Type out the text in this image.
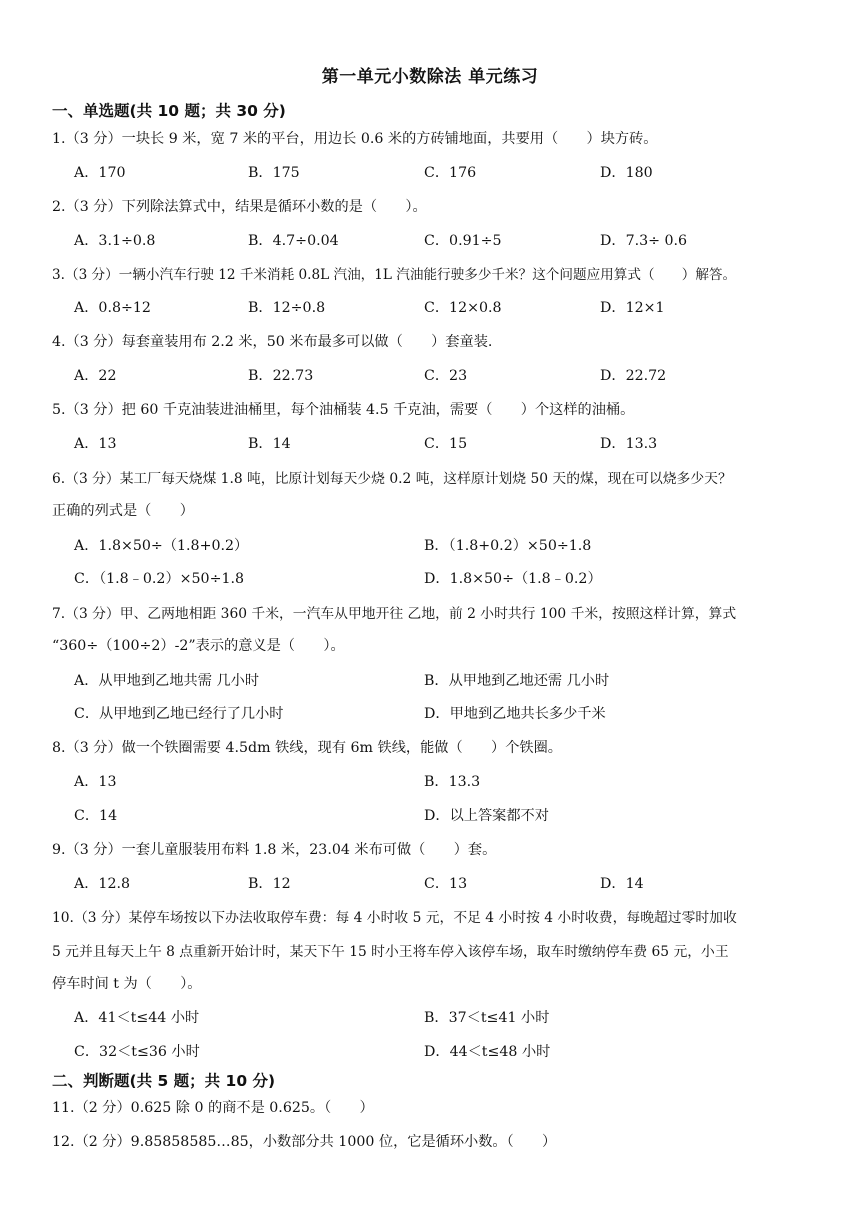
第一单元小数除法 单元练习
一、单选题(共 10 题；共 30 分)
1.（3 分）一块长 9 米，宽 7 米的平台，用边长 0.6 米的方砖铺地面，共要用（　　）块方砖。
A．170	B．175	C．176	D．180
2.（3 分）下列除法算式中，结果是循环小数的是（　　）。
A．3.1÷0.8	B．4.7÷0.04	C．0.91÷5	D．7.3÷ 0.6
3.（3 分）一辆小汽车行驶 12 千米消耗 0.8L 汽油，1L 汽油能行驶多少千米？这个问题应用算式（　　）解答。
A．0.8÷12	B．12÷0.8	C．12×0.8	D．12×1
4.（3 分）每套童装用布 2.2 米，50 米布最多可以做（　　）套童装.
A．22	B．22.73	C．23	D．22.72
5.（3 分）把 60 千克油装进油桶里，每个油桶装 4.5 千克油，需要（　　）个这样的油桶。
A．13	B．14	C．15	D．13.3
6.（3 分）某工厂每天烧煤 1.8 吨，比原计划每天少烧 0.2 吨，这样原计划烧 50 天的煤，现在可以烧多少天？
正确的列式是（　　）
A．1.8×50÷（1.8+0.2）	B．（1.8+0.2）×50÷1.8
C．（1.8﹣0.2）×50÷1.8	D．1.8×50÷（1.8﹣0.2）
7.（3 分）甲、乙两地相距 360 千米，一汽车从甲地开往 乙地，前 2 小时共行 100 千米，按照这样计算，算式
“360÷（100÷2）-2”表示的意义是（　　）。
A．从甲地到乙地共需 几小时	B．从甲地到乙地还需 几小时
C．从甲地到乙地已经行了几小时	D．甲地到乙地共长多少千米
8.（3 分）做一个铁圈需要 4.5dm 铁线，现有 6m 铁线，能做（　　）个铁圈。
A．13	B．13.3
C．14	D．以上答案都不对
9.（3 分）一套儿童服装用布料 1.8 米，23.04 米布可做（　　）套。
A．12.8	B．12	C．13	D．14
10.（3 分）某停车场按以下办法收取停车费：每 4 小时收 5 元，不足 4 小时按 4 小时收费，每晚超过零时加收
5 元并且每天上午 8 点重新开始计时，某天下午 15 时小王将车停入该停车场，取车时缴纳停车费 65 元，小王
停车时间 t 为（　　）。
A．41＜t≤44 小时	B．37＜t≤41 小时
C．32＜t≤36 小时	D．44＜t≤48 小时
二、判断题(共 5 题；共 10 分)
11.（2 分）0.625 除 0 的商不是 0.625。（　　）
12.（2 分）9.85858585…85，小数部分共 1000 位，它是循环小数。（　　）
